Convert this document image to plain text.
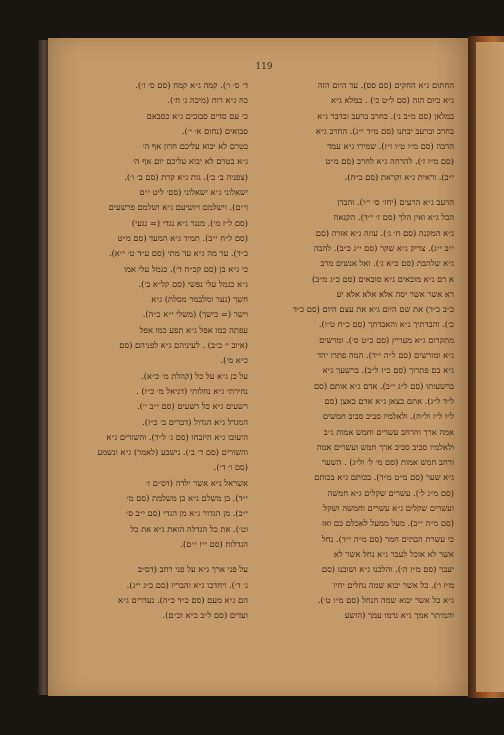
119
החתום ג״א החקים (סם סס). עד היום הזה
ג״א כיום הזה (סם ל״ט כ׳) . במלא ג״א
במלאן (סם מ״ב נ׳). בחרב ברעב ובדבר ג״א
בחרב וברעב יבתנו (סם מ״ד י״ג). החרב ג״א
הרבה (סם מ״ו ט״ו ו״ז). שמירו ג״א עמד
(סם מ״ז ז׳). להרחה ג״א לחרב (סם מ״ט
י״ב). וראית ג״א וקראת (סם כ״ח).
הרעב ג״א הרעים (יחז׳ ס׳ י״ו). והבדן
הבל ג״א ואין הלך (סם ז׳ י״ד). הקנאה
ג״א המקנה (סם ח׳ ג׳). עוזה ג״א אזרה (סם
י״ב י״ג). צדיק ג״א שקר (סם י״ג כ״ב). להבה
ג״א שלהבת (סם כ״א ג׳). ואל אנשים מרב
א רם ג״א מובאים ג״א סובאים (סם כ״ג מ״ב)
רא אשר אשר יסה אלא אלא אלא יע
כ״ב כ״ד) את שם היום ג״א את עצם היום (סם כ״ד
כ׳). והבדתיך ג״א והאבדתך (סם כ״ח ט״ו).
מתקרום ג״א מעריץ (סם כ״ט ס׳). ומרשים
ג״א ומורשים (סם ל״ה י״ד). המה פתרו יהד
ג״א בם פתרוך (סם כ״ז ל״ב). ברשעך ג״א
ברשעותו (סם ל״ג י״ב). אדם ג״א אותם (סם
ל״ד ל״ג). אתם כצאן ג״א אדם כאצן (סם
ל״ו ל״ז ול״ח). ולאלמיו סביב סביב חמשים
אמה ארך והרחב עשרים וחמש אמות ג״ב
ולאלמיו סביב סביב ארך חמש ועשרים אמה
ורחב חמש אמות (סם מ׳ ל׳ ול״ג) . השער
ג״א שער (סם מ״ט מ״ד). בכותם ג״א בכותם
(סם מ״ג ל׳). עשרים שקלים ג״א חמשה
ועשרים שקלים ג״א עשרים וחמשה ושקל
(סם מ״ה י״ב). מעל ממעל לאכלם כם ואז
כי עשרת הבתים חמר (סם מ״ה י״ד). נחל
אשר לא אוכל לעבר ג״א נחל אשר לא
יעבר (סם מ״ז ה׳). והלכנו ג״א ושובנו (סם
מ״ז ו׳). כל אשר יבוא שמה נחלים יחיו
ג״א כל אשר יבוא שמה הנחל (סם מ״ו ט׳).
והמיתר אמך ג״א נדמו עמך (הושע
ד׳ ס׳ ו׳). קמה ג״א קמח (סם ס׳ ז׳).
כח ג״א רוח (מיכה ג׳ ח׳).
כי עם סדים סבובים ג״א כסבאם
סבואים (נחום א׳ י׳).
בטרם לא יבוא עליכם חרון אף ה׳
ג״א בטרם לא יבוא עליכם יום אף ה׳
(צפניה ב׳ ב׳). גות ג״א קרת (סם ב׳ ו׳).
ישאלוני ג״א ישאלוני (סם׳ ליט י״ם
וי״ם). וישלמם ויושיעם ג״א ושלמם פרשעים
(סם ל״ז מ׳). מנגר ג״א נגדי (= נגעי)
(סם ל״ח י״ב). תמיד ג״א המעד (סם מ״ט
כ״ד). ער מה ג״א עד מתי (סם ע״ד ט׳ י״א).
כי ג״א בן (סם קכ״ח ד׳). כגמל עלי אמו
ג״א כגמל עלי נפשי (סם קל״א ב׳).
חשך (נער ומלבמר מסלת) ג״א
וישר (= כישך) (משלי י״א כ״ה).
עפתה כמו אפל ג״א תפע כמו אפל
(איוב י׳ כ״ב) . לעיניהם ג״א לפניהם (סם
כ״א מ׳).
על כן ג״א על כל (קהלת מ׳ כ״א).
נחירתי ג״א נחלותי (דניאל מ׳ כ״ז) .
רשעים ג״א כל רשעים (סם י״ב י׳).
המגדל ג״א הגדול (דברים ב׳ כ״ז).
היעזבו ג״א היזבחו (סם ג׳ ל״ד). והשורים ג״א
והשורים (סם ד׳ ב׳). נישבע (לאמר) ג״א ונשמע
(סם ו׳ ד׳).
אשראל ג״א אשר ילדה (דס״ם ז׳
י״ד). בן משלם ג״א בן משלמת (סם מ׳
י״ב). מן הגדור ג״א מן הגדי (סם י״ב ס׳
וט׳). את כל הגדלה הזאת ג״א את כל
הגדלות (סם י״ז י״ם).
על פני ארך ג״א על פני רחב (דס״ב
ג׳ ד׳). ויחדבו ג״א והבריו (סם כ״ג י״ג).
הם ג״א מעם (סם כ״ד כ״ה). נעדרים ג״א
ועדים (סם ל״ב כ״א וכ״ם).
